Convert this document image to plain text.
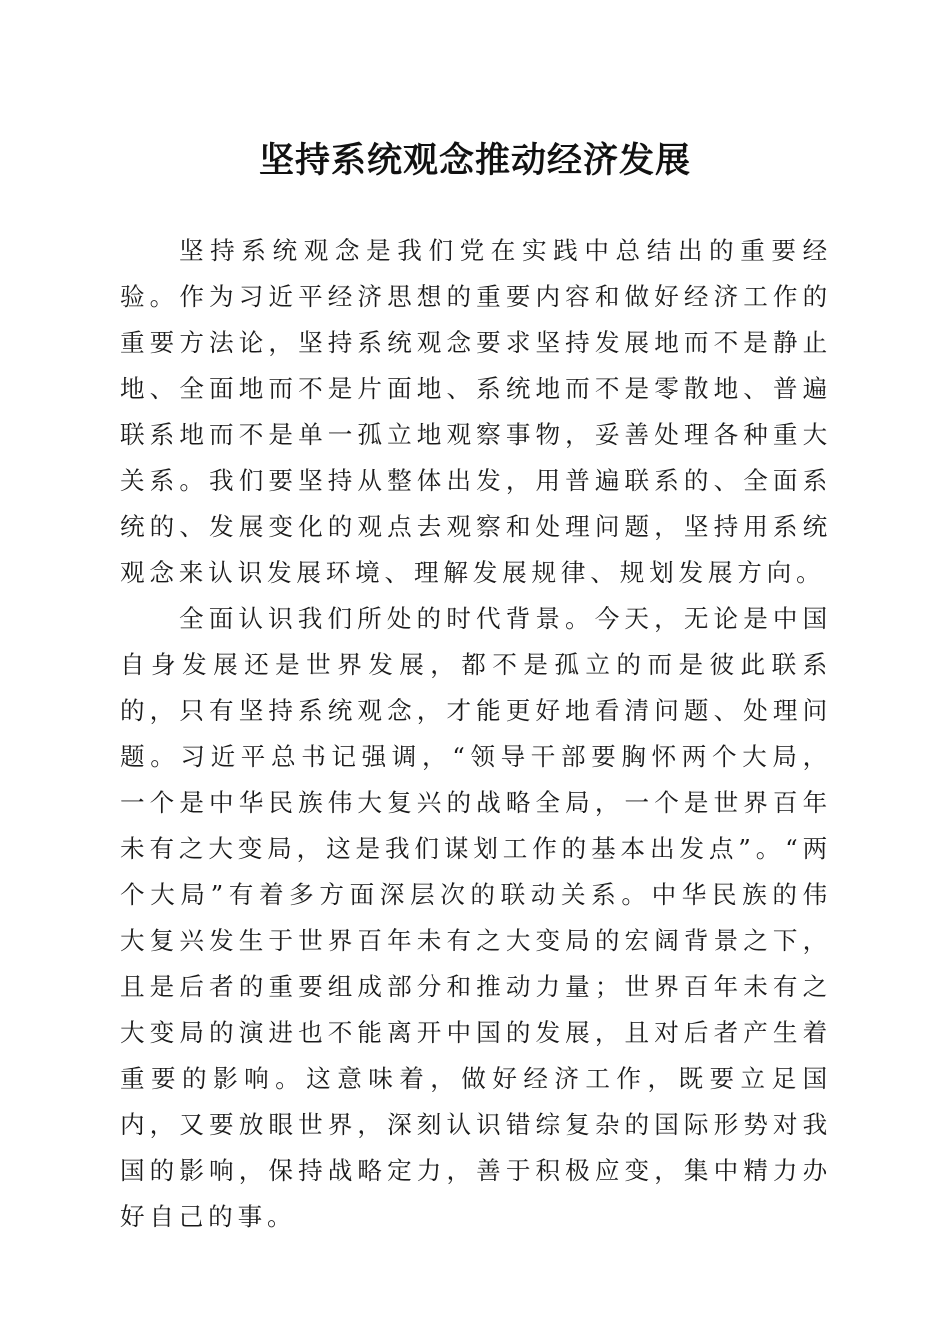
坚持系统观念推动经济发展

坚持系统观念是我们党在实践中总结出的重要经验。作为习近平经济思想的重要内容和做好经济工作的重要方法论，坚持系统观念要求坚持发展地而不是静止地、全面地而不是片面地、系统地而不是零散地、普遍联系地而不是单一孤立地观察事物，妥善处理各种重大关系。我们要坚持从整体出发，用普遍联系的、全面系统的、发展变化的观点去观察和处理问题，坚持用系统观念来认识发展环境、理解发展规律、规划发展方向。

全面认识我们所处的时代背景。今天，无论是中国自身发展还是世界发展，都不是孤立的而是彼此联系的，只有坚持系统观念，才能更好地看清问题、处理问题。习近平总书记强调，“领导干部要胸怀两个大局，一个是中华民族伟大复兴的战略全局，一个是世界百年未有之大变局，这是我们谋划工作的基本出发点”。“两个大局”有着多方面深层次的联动关系。中华民族的伟大复兴发生于世界百年未有之大变局的宏阔背景之下，且是后者的重要组成部分和推动力量；世界百年未有之大变局的演进也不能离开中国的发展，且对后者产生着重要的影响。这意味着，做好经济工作，既要立足国内，又要放眼世界，深刻认识错综复杂的国际形势对我国的影响，保持战略定力，善于积极应变，集中精力办好自己的事。
